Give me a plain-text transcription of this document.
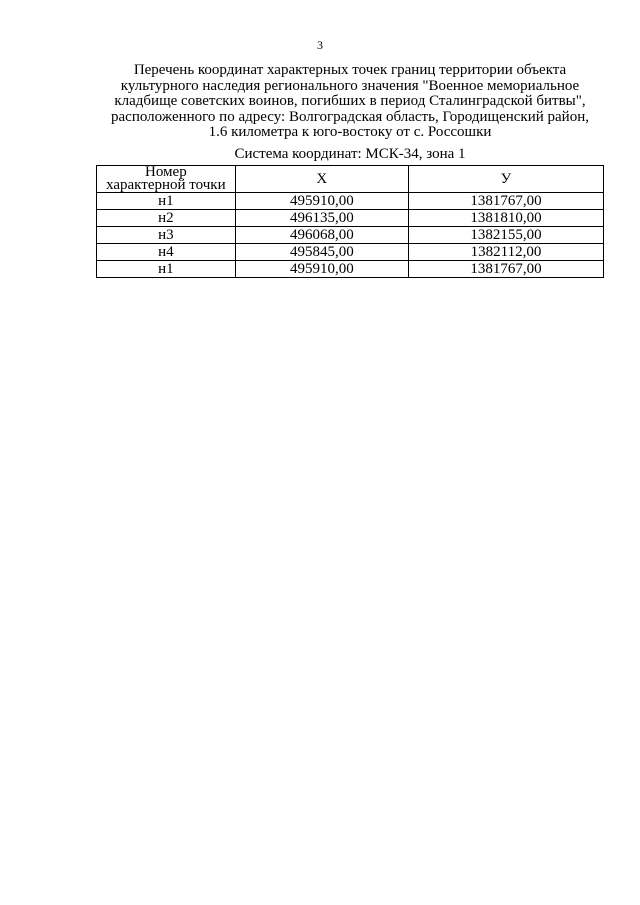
3
Перечень координат характерных точек границ территории объекта
культурного наследия регионального значения "Военное мемориальное
кладбище советских воинов, погибших в период Сталинградской битвы",
расположенного по адресу: Волгоградская область, Городищенский район,
1.6 километра к юго-востоку от с. Россошки
Система координат: МСК-34, зона 1
Номер
характерной точки	X	У
н1	495910,00	1381767,00
н2	496135,00	1381810,00
н3	496068,00	1382155,00
н4	495845,00	1382112,00
н1	495910,00	1381767,00
